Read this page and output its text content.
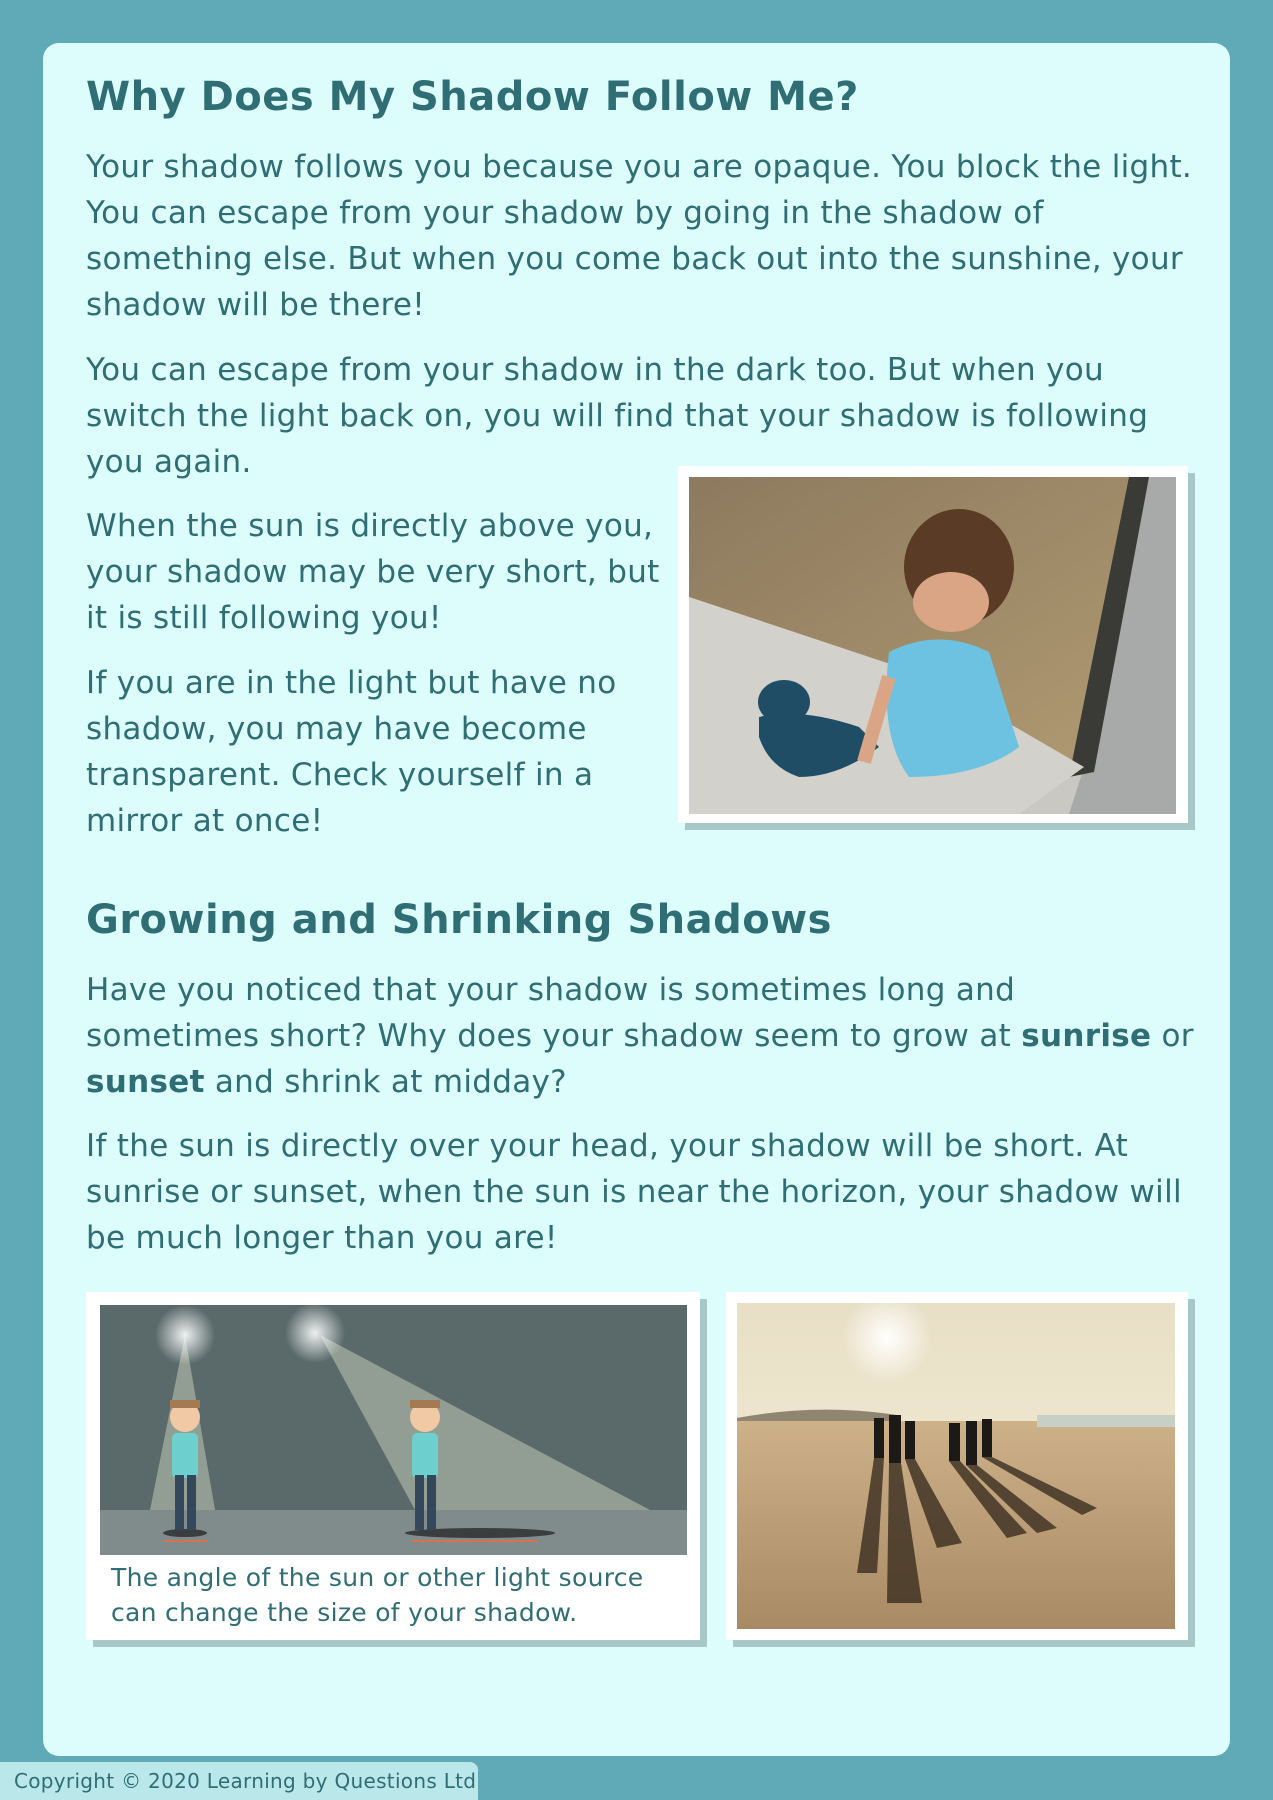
Why Does My Shadow Follow Me?

Your shadow follows you because you are opaque. You block the light. You can escape from your shadow by going in the shadow of something else. But when you come back out into the sunshine, your shadow will be there!

You can escape from your shadow in the dark too. But when you switch the light back on, you will find that your shadow is following you again.

When the sun is directly above you, your shadow may be very short, but it is still following you!

If you are in the light but have no shadow, you may have become transparent. Check yourself in a mirror at once!

Growing and Shrinking Shadows

Have you noticed that your shadow is sometimes long and sometimes short? Why does your shadow seem to grow at sunrise or sunset and shrink at midday?

If the sun is directly over your head, your shadow will be short. At sunrise or sunset, when the sun is near the horizon, your shadow will be much longer than you are!

The angle of the sun or other light source can change the size of your shadow.

Copyright © 2020 Learning by Questions Ltd
